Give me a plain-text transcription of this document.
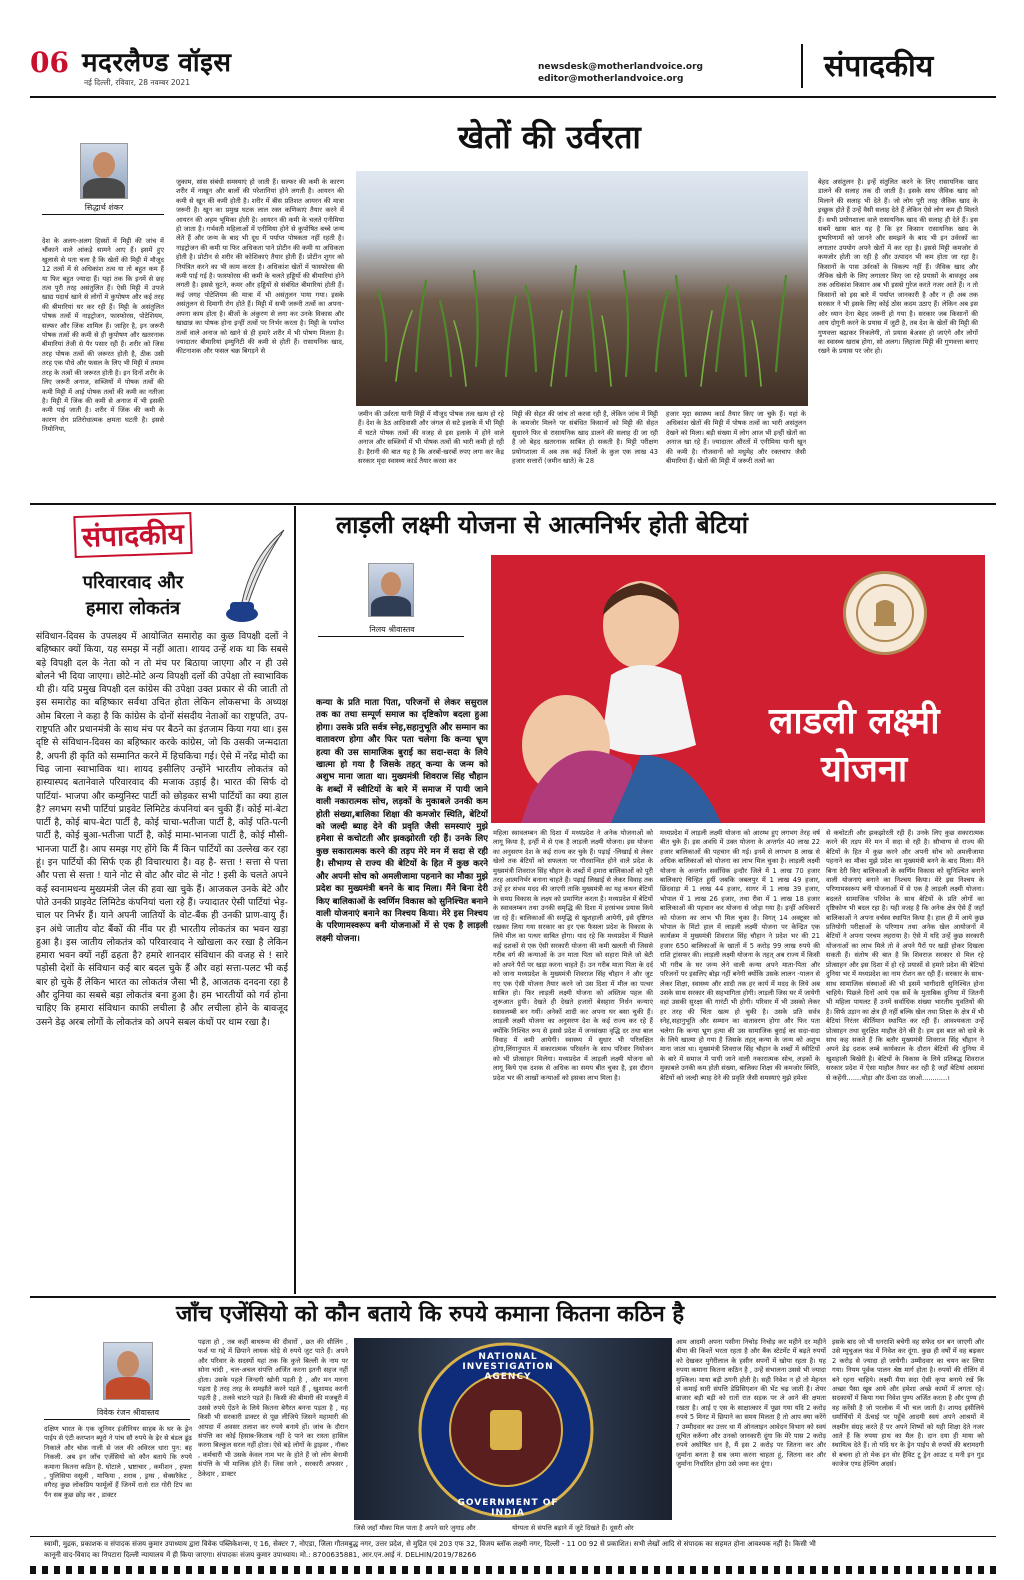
06 मदरलैण्ड वॉइस
नई दिल्ली, रविवार, 28 नवम्बर 2021
newsdesk@motherlandvoice.org
editor@motherlandvoice.org	संपादकीय
खेतों की उर्वरता
सिद्धार्थ शंकर
देश के अलग-अलग हिस्सों में मिट्टी की जांच में चौंकाने वाले आंकड़े सामने आए हैं। इसमें हुए खुलासे से पता चला है कि खेतों की मिट्टी में मौजूद 12 तत्वों में से अधिकांश तत्व या तो बहुत कम हैं या फिर बहुत ज्यादा हैं। यहां तक कि इनमें से छह तत्व पूरी तरह असंतुलित हैं। ऐसी मिट्टी में उपजे खाद्य पदार्थ खाने से लोगों में कुपोषण और कई तरह की बीमारियां घर कर रही हैं। मिट्टी के असंतुलित पोषक तत्वों में नाइट्रोजन, फास्फोरस, पोटेशियम, सल्फर और जिंक शामिल हैं। जाहिर है, इन जरूरी पोषक तत्वों की कमी से ही कुपोषण और खतरनाक बीमारियां तेजी से पैर पसार रही हैं। शरीर को जिस तरह पोषक तत्वों की जरूरत होती है, ठीक उसी तरह एक पौधे और फसल के लिए भी मिट्टी में तमाम तरह के तत्वों की जरूरत होती है। इन दिनों शरीर के लिए जरूरी अनाज, सब्जियों में पोषक तत्वों की कमी मिट्टी में आई पोषक तत्वों की कमी का नतीजा है। मिट्टी में जिंक की कमी से अनाज में भी इसकी कमी पाई जाती है। शरीर में जिंक की कमी के कारण रोग प्रतिरोधात्मक क्षमता घटती है। इससे निमोनिया,
जुकाम, सांस संबंधी समस्याएं हो जाती हैं। सल्फर की कमी के कारण शरीर में नाखून और बालों की परेशानियां होने लगती है। आयरन की कमी से खून की कमी होती है। शरीर में बीस प्रतिशत आयरन की मात्रा जरूरी है। खून का प्रमुख घटक लाल रक्त कणिकाएं तैयार करने में आयरन की अहम भूमिका होती है। आयरन की कमी के चलते एनीमिया हो जाता है। गर्भवती महिलाओं में एनीमिया होने से कुपोषित बच्चे जन्म लेते हैं और जन्म के बाद भी दूध में पर्याप्त पोषकता नहीं रहती है। नाइट्रोजन की कमी या फिर अधिकता पाने प्रोटीन की कमी या अधिकता होती है। प्रोटीन से शरीर की कोशिकाएं तैयार होती हैं। प्रोटीन शुगर को नियंत्रित करने का भी काम करता है। अधिकांश खेतों में फास्फोरस की कमी पाई गई है। फास्फोरस की कमी के चलते हड्डियों की बीमारियां होने लगती है। इससे घुटने, कमर और हड्डियों से संबंधित बीमारियां होती हैं। कई जगह पोटेशियम की मात्रा में भी असंतुलन पाया गया। इसके असंतुलन से दिमागी रोग होते हैं। मिट्टी में सभी जरूरी तत्वों का अपना-अपना काम होता है। बीजों के अंकुरण से लगा कर उनके विकास और खाद्यान्न का पोषक होना इन्हीं तत्वों पर निर्भर करता है। मिट्टी के पर्याप्त तत्वों वाले अनाज को खाने से ही हमारे शरीर में भी पोषण मिलता है। ज्यादातर बीमारियां इम्युनिटी की कमी से होती हैं। रासायनिक खाद, कीटनाशक और फसल चक्र बिगड़ने से
जमीन की उर्वरता यानी मिट्टी में मौजूद पोषक तत्व खत्म हो रहे हैं। देश के ठेठ आदिवासी और जंगल से सटे इलाके में भी मिट्टी में घटते पोषक तत्वों की वजह से इस इलाके में होने वाले अनाज और सब्जियों में भी पोषक तत्वों की भारी कमी हो रही है। हैरानी की बात यह है कि अरबों-खरबों रुपए लगा कर केंद्र सरकार मृदा स्वास्थ्य कार्ड तैयार करवा कर
मिट्टी की सेहत की जांच तो करवा रही है, लेकिन जांच में मिट्टी के कमजोर मिलने पर संबंधित किसानों को मिट्टी की सेहत सुधारने फिर से रासायनिक खाद डालने की सलाह दी जा रही है जो बेहद खतरनाक साबित हो सकती है। मिट्टी परीक्षण प्रयोगशाला में अब तक कई जिलों के कुल एक लाख 43 हजार सत्तारों (जमीन खाते) के 28
हजार मृदा स्वास्थ्य कार्ड तैयार किए जा चुके हैं। यहां के अधिकांश खेतों की मिट्टी में पोषक तत्वों का भारी असंतुलन देखने को मिला। बड़ी संख्या में लोग आज भी इन्हीं खेतों का अनाज खा रहे हैं। ज्यादातर औरतों में एनीमिया यानी खून की कमी है। नौजवानों को मधुमेह और रक्तचाप जैसी बीमारियां हैं। खेतों की मिट्टी में जरूरी तत्वों का
बेहद असंतुलन है। इन्हें संतुलित करने के लिए रासायनिक खाद डालने की सलाह तक दी जाती है। इसके साथ जैविक खाद को मिलाने की सलाह भी देते हैं। जो लोग पूरी तरह जैविक खाद के इच्छुक होते हैं उन्हें वैसी सलाह देते हैं लेकिन ऐसे लोग कम ही मिलते हैं। सभी प्रयोगशाला वाले रासायनिक खाद की सलाह ही देते हैं। इस सबमें खास बात यह है कि हर किसान रासायनिक खाद के दुष्परिणामों को जानने और समझने के बाद भी इन उर्वरकों का लगातार उपयोग अपने खेतों में कर रहा है। इससे मिट्टी कमजोर से कमजोर होती जा रही है और उत्पादन भी कम होता जा रहा है। किसानों के पास उर्वरकों के विकल्प नहीं हैं। जैविक खाद और जैविक खेती के लिए लगातार किए जा रहे प्रयासों के बावजूद अब तक अधिकांश किसान अब भी इससे गुरेज करते नजर आते हैं। न तो किसानों को इस बारे में पर्याप्त जानकारी है और न ही अब तक सरकार ने भी इसके लिए कोई ठोस कदम उठाए हैं। लेकिन अब इस ओर ध्यान देना बेहद जरूरी हो गया है। सरकार जब किसानों की आय दोगुनी करने के प्रयास में जुटी है, तब देश के खेतों की मिट्टी की गुणवत्ता बढ़ाकर निकलेगी, तो प्रयास बेअसर हो जाएंगे और लोगों का स्वास्थ्य खराब होगा, सो अलग। लिहाजा मिट्टी की गुणवत्ता बनाए रखने के प्रयास पर जोर हो।
संपादकीय
परिवारवाद और
हमारा लोकतंत्र
संविधान-दिवस के उपलक्ष्य में आयोजित समारोह का कुछ विपक्षी दलों ने बहिष्कार क्यों किया, यह समझ में नहीं आता। शायद उन्हें शक था कि सबसे बड़े विपक्षी दल के नेता को न तो मंच पर बिठाया जाएगा और न ही उसे बोलने भी दिया जाएगा। छोटे-मोटे अन्य विपक्षी दलों की उपेक्षा तो स्वाभाविक थी ही। यदि प्रमुख विपक्षी दल कांग्रेस की उपेक्षा उक्त प्रकार से की जाती तो इस समारोह का बहिष्कार सर्वथा उचित होता लेकिन लोकसभा के अध्यक्ष ओम बिरला ने कहा है कि कांग्रेस के दोनों संसदीय नेताओं का राष्ट्रपति, उप-राष्ट्रपति और प्रधानमंत्री के साथ मंच पर बैठने का इंतजाम किया गया था। इस दृष्टि से संविधान-दिवस का बहिष्कार करके कांग्रेस, जो कि उसकी जन्मदाता है, अपनी ही कृति को सम्मानित करने में हिचकिचा गई। ऐसे में नरेंद्र मोदी का चिढ़ जाना स्वाभाविक था। शायद इसीलिए उन्होंने भारतीय लोकतंत्र को हास्यास्पद बतानेवाले परिवारवाद की मजाक उड़ाई है। भारत की सिर्फ दो पार्टियां- भाजपा और कम्युनिस्ट पार्टी को छोड़कर सभी पार्टियों का क्या हाल है? लगभग सभी पार्टियां प्राइवेट लिमिटेड कंपनियां बन चुकी हैं। कोई मां-बेटा पार्टी है, कोई बाप-बेटा पार्टी है, कोई चाचा-भतीजा पार्टी है, कोई पति-पत्नी पार्टी है, कोई बुआ-भतीजा पार्टी है, कोई मामा-भानजा पार्टी है, कोई मौसी-भानजा पार्टी है। आप समझ गए होंगे कि मैं किन पार्टियों का उल्लेख कर रहा हूं। इन पार्टियों की सिर्फ एक ही विचारधारा है। वह है- सत्ता ! सत्ता से पत्ता और पत्ता से सत्ता ! याने नोट से वोट और वोट से नोट ! इसी के चलते अपने कई स्वनामधन्य मुख्यमंत्री जेल की हवा खा चुके हैं। आजकल उनके बेटे और पोते उनकी प्राइवेट लिमिटेड कंपनियां चला रहे हैं। ज्यादातर ऐसी पार्टियां भेड़-चाल पर निर्भर हैं। याने अपनी जातियों के वोट-बैंक ही उनकी प्राण-वायु हैं। इन अंधे जातीय वोट बैंकों की नींव पर ही भारतीय लोकतंत्र का भवन खड़ा हुआ है। इस जातीय लोकतंत्र को परिवारवाद ने खोखला कर रखा है लेकिन हमारा भवन क्यों नहीं ढहता है? हमारे शानदार संविधान की वजह से ! सारे पड़ोसी देशों के संविधान कई बार बदल चुके हैं और वहां सत्ता-पलट भी कई बार हो चुके हैं लेकिन भारत का लोकतंत्र जैसा भी है, आजतक दनदना रहा है और दुनिया का सबसे बड़ा लोकतंत्र बना हुआ है। हम भारतीयों को गर्व होना चाहिए कि हमारा संविधान काफी लचीला है और लचीला होने के बावजूद उसने डेढ़ अरब लोगों के लोकतंत्र को अपने सबल कंधों पर थाम रखा है।
लाड़ली लक्ष्मी योजना से आत्मनिर्भर होती बेटियां
निलय श्रीवास्तव
कन्या के प्रति माता पिता, परिजनों से लेकर ससुराल तक का तथा सम्पूर्ण समाज का दृष्टिकोण बदला हुआ होगा। उसके प्रति सर्वत्र स्नेह,सहानुभूति और सम्मान का वातावरण होगा और फिर पता चलेगा कि कन्या भ्रूण हत्या की उस सामाजिक बुराई का सदा-सदा के लिये खात्मा हो गया है जिसके तहत् कन्या के जन्म को अशुभ माना जाता था। मुख्यमंत्री शिवराज सिंह चौहान के शब्दों में स्वीटियों के बारे में समाज में पायी जाने वाली नकारात्मक सोच, लड़कों के मुकाबले उनकी कम होती संख्या,बालिका शिक्षा की कमजोर स्थिति, बेटियों को जल्दी ब्याह देने की प्रवृति जैसी समस्याएं मुझे हमेशा से कचोटती और झकझोरती रही हैं। उनके लिए कुछ सकारात्मक करने की तड़प मेरे मन में सदा से रही है। सौभाग्य से राज्य की बेटियों के हित में कुछ करने और अपनी सोच को अमलीजामा पहनाने का मौका मुझे प्रदेश का मुख्यमंत्री बनने के बाद मिला। मैंने बिना देरी किए बालिकाओं के स्वर्णिम विकास को सुनिश्चित बनाने वाली योजनाएं बनाने का निश्चय किया। मेरे इस निश्चय के परिणामस्वरूप बनी योजनाओं में से एक है लाड़ली लक्ष्मी योजना।
लाडली लक्ष्मी
योजना
महिला स्वावलम्बन की दिशा में मध्यप्रदेश ने अनेक योजनाओं को लागू किया है, इन्हीं में से एक है लाड़ली लक्ष्मी योजना। इस योजना का अनुसरण देश के कई राज्य कर चुके हैं। पढ़ाई -लिखाई से लेकर खेलो तक बेटियों को सफलता पर गौरवान्वित होने वाले प्रदेश के मुख्यमंत्री शिवराज सिंह चौहान के शब्दों में हमारा बालिकाओं को पूरी तरह आत्मनिर्भर बनाना चाहते हैं। पढ़ाई लिखाई से लेकर विवाह तक उन्हें हर संभव मदद की जाएगी ताकि मुख्यमंत्री का यह कथन बेटियों के समग्र विकास के लक्ष्य को प्रमाणित करता है। मध्यप्रदेश में बेटियों के स्वावलम्बन तथा उनकी समृद्धि की दिशा में हरसंभव प्रयास किये जा रहे हैं। बालिकाओं की समृद्धि से खुशहाली आयेगी, इसे दृष्टिगत रखकर लिया गया सरकार का हर एक फैसला प्रदेश के विकास के लिये मील का पत्थर साबित होगा। याद रहे कि मध्यप्रदेश में पिछले कई दशकों से एक ऐसी सरकारी योजना की कमी खलती थी जिससे गरीब वर्ग की कन्याओं के उन माता पिता को सहारा मिले जो बेटी को अपने पैरों पर खड़ा करना चाहते हैं। उन गरीब माता पिता के दर्द को जाना मध्यप्रदेश के मुख्यमंत्री शिवराज सिंह चौहान ने और जुट गए एक ऐसी योजना तैयार करने जो उस दिशा में मील का पत्थर साबित हो। फिर लाड़ली लक्ष्मी योजना को अस्तित्व पहल की शुरूआत हुयी। देखते ही देखते हजारों बेसहारा निर्धन कन्याएं स्वावलम्बी बन गयीं। अनेकों शादी कर अपना घर बसा चुकी हैं। लाड़ली लक्ष्मी योजना का अनुसरण देश के कई राज्य कर रहे हैं क्योंकि निश्चित रूप से इससे प्रदेश में जनसंख्या वृद्धि दर तथा बाल विवाह में कमी आयेगी। स्वास्थ्य में सुधार भी परिलक्षित होगा,लिंगानुपात में सकारात्मक परिवर्तन के साथ परिवार नियोजन को भी प्रोत्साहन मिलेगा। मध्यप्रदेश में लाड़ली लक्ष्मी योजना को लागू किये एक दशक से अधिक का समय बीत चुका है, इस दौरान प्रदेश भर की लाखों कन्याओं को इसका लाभ मिला है।
मध्यप्रदेश में लाड़ली लक्ष्मी योजना को आरम्भ हुए लगभग तेरह वर्ष बीत चुके हैं। इस अवधि में उक्त योजना के अन्तर्गत 40 लाख 22 हजार बालिकाओं की पहचान की गई। इनमें से लगभग 8 लाख से अधिक बालिकाओं को योजना का लाभ मिल चुका है। लाड़ली लक्ष्मी योजना के अन्तर्गत सर्वाधिक इन्दौर जिले में 1 लाख 70 हजार बालिकाएं चिन्हित हुयीं जबकि जबलपुर में 1 लाख 49 हजार, छिंदवाड़ा में 1 लाख 44 हजार, सागर में 1 लाख 39 हजार, भोपाल में 1 लाख 26 हजार, तथा रीवा में 1 लाख 18 हजार बालिकाओं की पहचान कर योजना से जोड़ा गया है। इन्हीं अधिकारों को योजना का लाभ भी मिल चुका है। विगत् 14 अक्टूबर को भोपाल के मिंटो हाल में लाड़ली लक्ष्मी योजना पर केन्द्रित एक कार्यक्रम में मुख्यमंत्री शिवराज सिंह चौहान ने प्रदेश भर की 21 हजार 650 बालिकाओं के खातों में 5 करोड़ 99 लाख रुपये की राशि ट्रांसफर की। लाड़ली लक्ष्मी योजना के तहत् अब राज्य में किसी भी गरीब के घर जन्म लेने वाली कन्या अपने माता-पिता और परिजनों पर इसलिए बोझ नहीं बनेगी क्योंकि उसके लालन -पालन से लेकर शिक्षा, स्वास्थ्य और शादी तक हर कार्य में मदद के लिये अब उसके साथ सरकार की सहभागिता होगी। लाड़ली जिस घर में जायेगी वहां उसकी सुरक्षा की गारंटी भी होगी। परिवार में भी उसको लेकर हर तरह की चिंता खत्म हो चुकी है। उसके प्रति सर्वत्र स्नेह,सहानुभूति और सम्मान का वातावरण होगा और फिर पता चलेगा कि कन्या भ्रूण हत्या की उस सामाजिक बुराई का सदा-सदा के लिये खात्मा हो गया है जिसके तहत् कन्या के जन्म को अशुभ माना जाता था। मुख्यमंत्री शिवराज सिंह चौहान के शब्दों में स्वीटियों के बारे में समाज में पायी जाने वाली नकारात्मक सोच, लड़कों के मुकाबले उनकी कम होती संख्या, बालिका शिक्षा की कमजोर स्थिति, बेटियों को जल्दी ब्याह देने की प्रवृति जैसी समस्याएं मुझे हमेशा
से कचोटती और झकझोरती रही हैं। उनके लिए कुछ सकारात्मक करने की तड़प मेरे मन में सदा से रही है। सौभाग्य से राज्य की बेटियों के हित में कुछ करने और अपनी सोच को अमलीजामा पहनाने का मौका मुझे प्रदेश का मुख्यमंत्री बनने के बाद मिला। मैंने बिना देरी किए बालिकाओं के स्वर्णिम विकास को सुनिश्चित बनाने वाली योजनाएं बनाने का निश्चय किया। मेरे इस निश्चय के परिणामस्वरूप बनी योजनाओं में से एक है लाड़ली लक्ष्मी योजना। बदलते सामाजिक परिवेश के साथ बेटियों के प्रति लोगों का दृष्टिकोण भी बदल रहा है। यही वजह है कि अनेक क्षेत्र ऐसे हैं जहाँ बालिकाओं ने अपना वर्चस्व स्थापित किया है। हाल ही में आये कुछ प्रतियोगी परीक्षाओं के परिणाम तथा अनेक खेल आयोजनों में बेटियों ने अपना परचम लहराया है। ऐसे में यदि उन्हें कुछ सरकारी योजनाओं का लाभ मिले तो वे अपने पैरों पर खड़ी होकर दिखला सकती हैं। संतोष की बात है कि शिवराज सरकार से मिल रहे प्रोत्साहन और इस दिशा में हो रहे प्रयासों से हमारे प्रदेश की बेटियां दुनिया भर में मध्यप्रदेश का नाम रोशन कर रही हैं। सरकार के साथ-साथ सामाजिक संस्थाओं की भी इसमें भागीदारी सुनिश्चित होना चाहिये। पिछले दिनों आये एक सर्वे के मुताबिक दुनिया में जितनी भी महिला पायलट हैं उनमें सर्वाधिक संख्या भारतीय युवतियों की है। सिर्फ उड़ान का क्षेत्र ही नहीं बल्कि खेल तथा शिक्षा के क्षेत्र में भी बेटियां निरंतर कीर्तिमान स्थापित कर रही हैं। आवश्यकता उन्हें प्रोत्साहन तथा सुरक्षित माहौल देने की है। हम इस बात को दावे के साथ कह सकते हैं कि बतौर मुख्यमंत्री शिवराज सिंह चौहान ने अपने डेढ़ दशक लम्बे कार्यकाल के दौरान बेटियों की दुनिया में खुशहाली बिखेरी है। बेटियों के विकास के लिये प्रतिबद्ध शिवराज सरकार प्रदेश में ऐसा माहौल तैयार कर रही है जहाँ बेटियां आसमां से कहेंगी.......थोड़ा और ऊँचा उठ जाओ............।
जाँच एजेंसियो को कौन बताये कि रुपये कमाना कितना कठिन है
विवेक रंजन श्रीवास्तव
दक्षिण भारत के एक जूनियर इंजीनियर साहब के घर के ड्रेन पाईप से एंटी करप्शन ब्यूरो ने पांच सौ रुपये के ढ़ेर से बंडल ढूंढ निकाले और चोक नाली से जल की अविरल धारा पुन: बह निकली. अब इन जाँच एजेंसियो को कौन बताये कि रुपये कमाना कितना कठिन है. घोटाले , भ्रष्टाचार , कमीशन , हफ्ता , पुलिसिया वसूली , माफिया , शराब , ड्रग्स , सेक्सरैकेट , वगैरह कुछ लोकप्रिय फार्मूलों हैं जिनमें रातो रात गोरी टिप का पैन सब कुछ छोड़ कर , डाक्टर
पढ़ता हो , तब कहीं बाथरूम की दीवारों , छत की सीलिंग , फर्श या गद्दे में छिपाने लायक थोड़े से रुपये जुट पाते हैं। अपने और परिवार के सदस्यों यहां तक कि कुत्ते बिल्ली के नाम पर सोना चांदी , चल-अचल संपत्ति अर्जित करना इतनी सहज नहीं होता। उसके पहले जिन्दगी खोनी पड़ती है , और मन मारना पड़ता है तरह तरह के समझौते करने पड़ते हैं , खुशामद करनी पड़ती है , तलवे चाटने पड़ते हैं। किसी की बीमारी की मजबूरी में उससे रुपये ऐंठने के लिये कितना बेगैरत बनना पड़ता है , यह किसी भी सरकारी डाक्टर से पूछ लीजिये जिसने महामारी की आपदा में अवसर तलाश कर रुपये बनाये हों। जांच के दौरान संपत्ति का कोई हिसाब-किताब नहीं दे पाने का रास्ता हासिल करना बिल्कुल सरल नहीं होता। ऐसे बड़े लोगों के ड्राइवर , नौकर , कर्मचारी भी उसके केवल नाम भर के होते हैं जो लोग बेनामी संपत्ति के भी मालिक होते हैं। जिस जाने , सरकारी अफसर , ठेकेदार , डाक्टर
NATIONAL INVESTIGATION AGENCY
GOVERNMENT OF INDIA
जिसे जहाँ मौका मिल पाता है अपने सारे जुगाड़ और	योग्यता से संपत्ति बढ़ाने में जुटे दिखते हैं। दूसरी ओर
आम आदमी अपना पसीना निचोड़ निचोड़ कर महीने दर महीने बीमा की किश्तें भरता रहता है और बैंक स्टेटमेंट में बढ़ते रुपयों को देखकर मुगेरीलाल के हसीन सपनों में खोया रहता है। यह रुपया कमाना कितना कठिन है , उन्हें संभालना उससे भी ज्यादा मुश्किल। माया बड़ी ठगनी होती है। सही निवेश न हो तो मेहनत से कमाई सारी संपत्ति डेप्रिसिएशन की भेंट चढ़ जाती है। शेयर बाजार बड़ी बड़ी को रातों रात सड़क पर ले आने की क्षमता रखता है। आई ए एस के साक्षात्कार में पूछा गया यदि 2 करोड़ रुपये 5 मिनट में छिपाने का समय मिलता है तो आप क्या करेंगे ? उम्मीदवार का उत्तर था मैं ऑनलाइन आवेदन विभाग को स्वयं सूचित करूँगा और उनको जानकारी दूंगा कि मेरे पास 2 करोड़ रुपये अघोषित धन है, मैं इस 2 करोड़ पर जितना कर और जुर्माना बनता है सब जमा करना चाहता हूं, जितना कर और जुर्माना निर्धारित होगा उसे जमा कर दूंगा।
इसके बाद जो भी धनराशि बचेगी वह सफेद धन बन जाएगी और उसे म्युचुअल फंड में निवेश कर दूंगा. कुछ ही वर्षों में वह बढ़कर 2 करोड़ से ज्यादा हो जायेगी। उम्मीदवार का चयन कर लिया गया। नियम पूर्वक पालन श्रेष्ठ मार्ग होता है। रुपयों की रोलिंग में बने रहना चाहिये। लक्ष्मी मैया सदा ऐसी कृपा बनाये रखें कि अच्छा पैसा खूब आये और हमेशा अच्छे कामों में लगता रहे। सदकार्यों में किया गया निवेश पुण्य अर्जित करता है और पुण्य ही वह करेंसी है जो परलोक में भी चल जाती है। शायद इसीलिये धर्मार्थियों में ऊँचाई पर पहुँचे आदमी स्वयं अपने आश्रमों में लक्ष्मीन संग्रह करते हैं पर अपने शिष्यों को यही शिक्षा देते नजर आते हैं कि रुपया हाथ का मैल है। दान दया ही माया को स्थायित्व देते हैं। तो यदि घर के ड्रेन पाईप से रुपयों की बरामदगी से बचना हो तो मेक इन वोर हैविट टू ड्रेन आउट द मनी इन गुड काजेज एण्ड हेल्पिंग अदर्स।
स्वामी, मुद्रक, प्रकाशक व संपादक संजय कुमार उपाध्याय द्वारा विवेक पब्लिकेशन्स, ए 16, सेक्टर 7, नोएडा, जिला गौतमबुद्ध नगर, उत्तर प्रदेश, से मुद्रित एवं 203 एफ 32, विजय ब्लॉक लक्ष्मी नगर, दिल्ली - 11 00 92 से प्रकाशित। सभी लेखों आदि से संपादक का सहमत होना आवश्यक नहीं है। किसी भी
कानूनी वाद-विवाद का निपटारा दिल्ली न्यायालय में ही किया जाएगा। संपादकः संजय कुमार उपाध्याय। मो.: 8700635881, आर.एन.आई नं. DELHIN/2019/78266
